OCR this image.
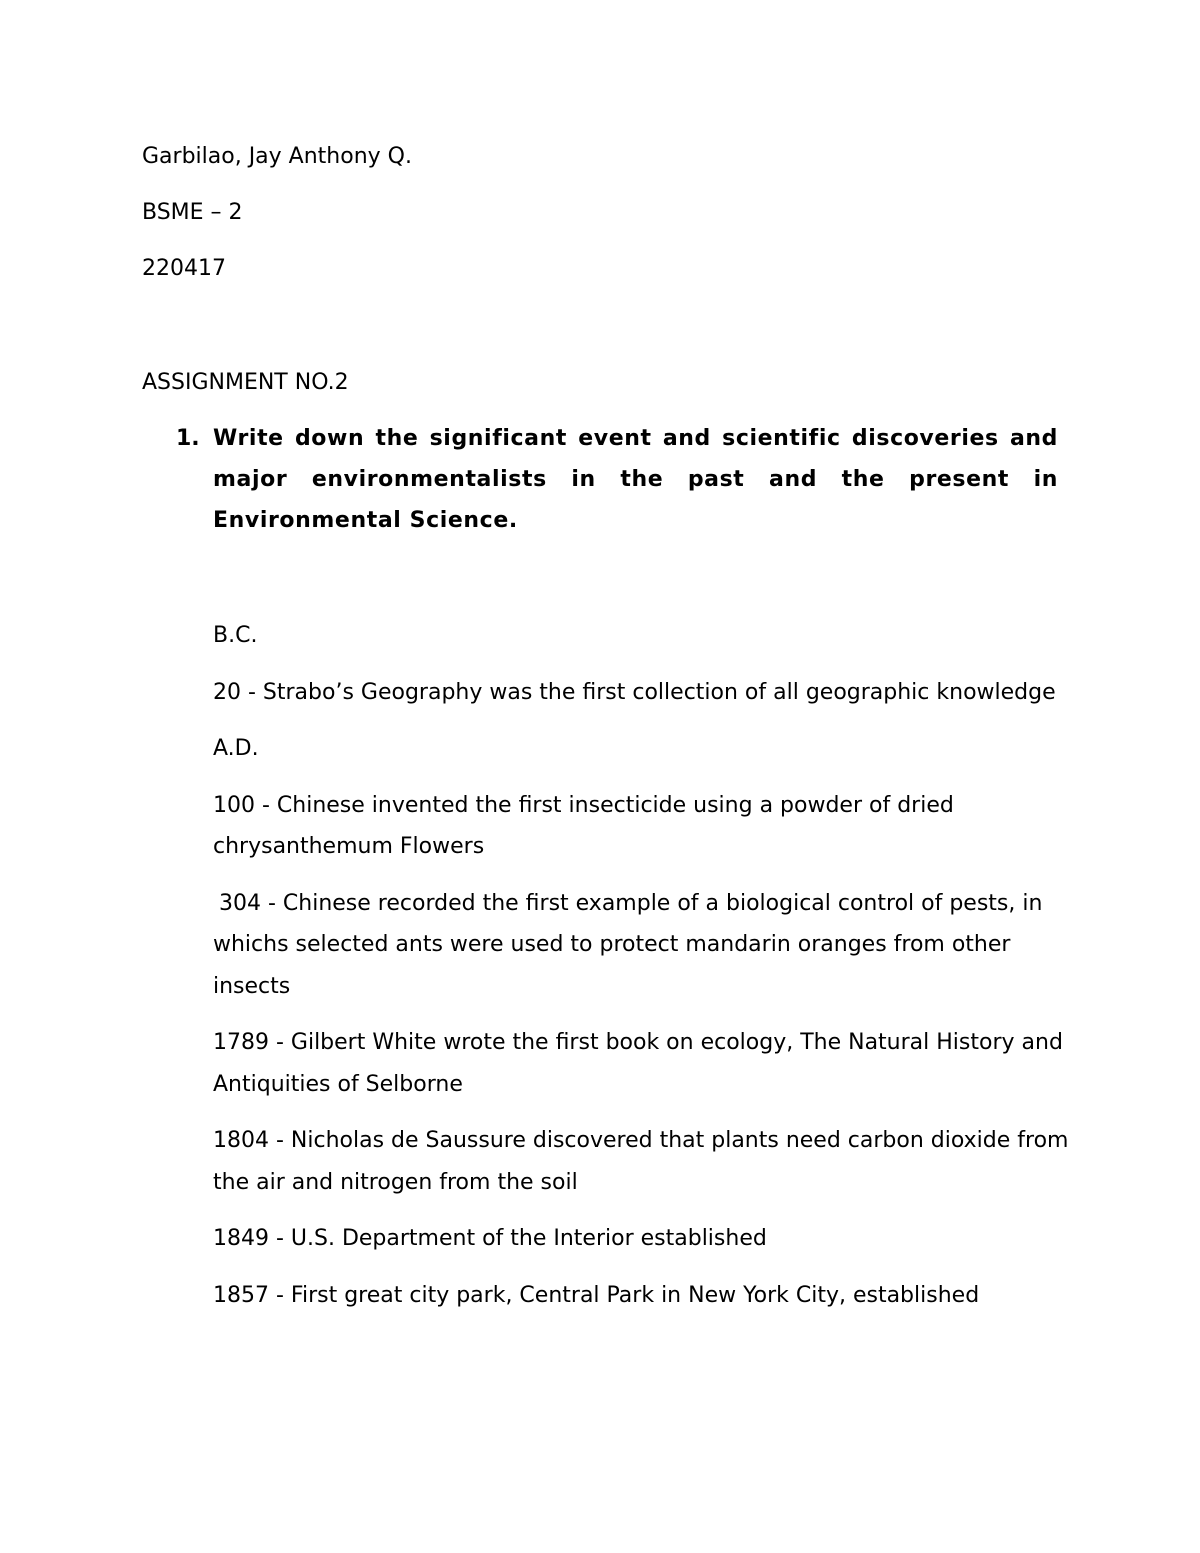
Garbilao, Jay Anthony Q.

BSME – 2

220417

ASSIGNMENT NO.2

1. Write down the significant event and scientific discoveries and major environmentalists in the past and the present in Environmental Science.

B.C.

20 - Strabo’s Geography was the first collection of all geographic knowledge

A.D.

100 - Chinese invented the first insecticide using a powder of dried chrysanthemum Flowers

304 - Chinese recorded the first example of a biological control of pests, in whichs selected ants were used to protect mandarin oranges from other insects

1789 - Gilbert White wrote the first book on ecology, The Natural History and Antiquities of Selborne

1804 - Nicholas de Saussure discovered that plants need carbon dioxide from the air and nitrogen from the soil

1849 - U.S. Department of the Interior established

1857 - First great city park, Central Park in New York City, established
